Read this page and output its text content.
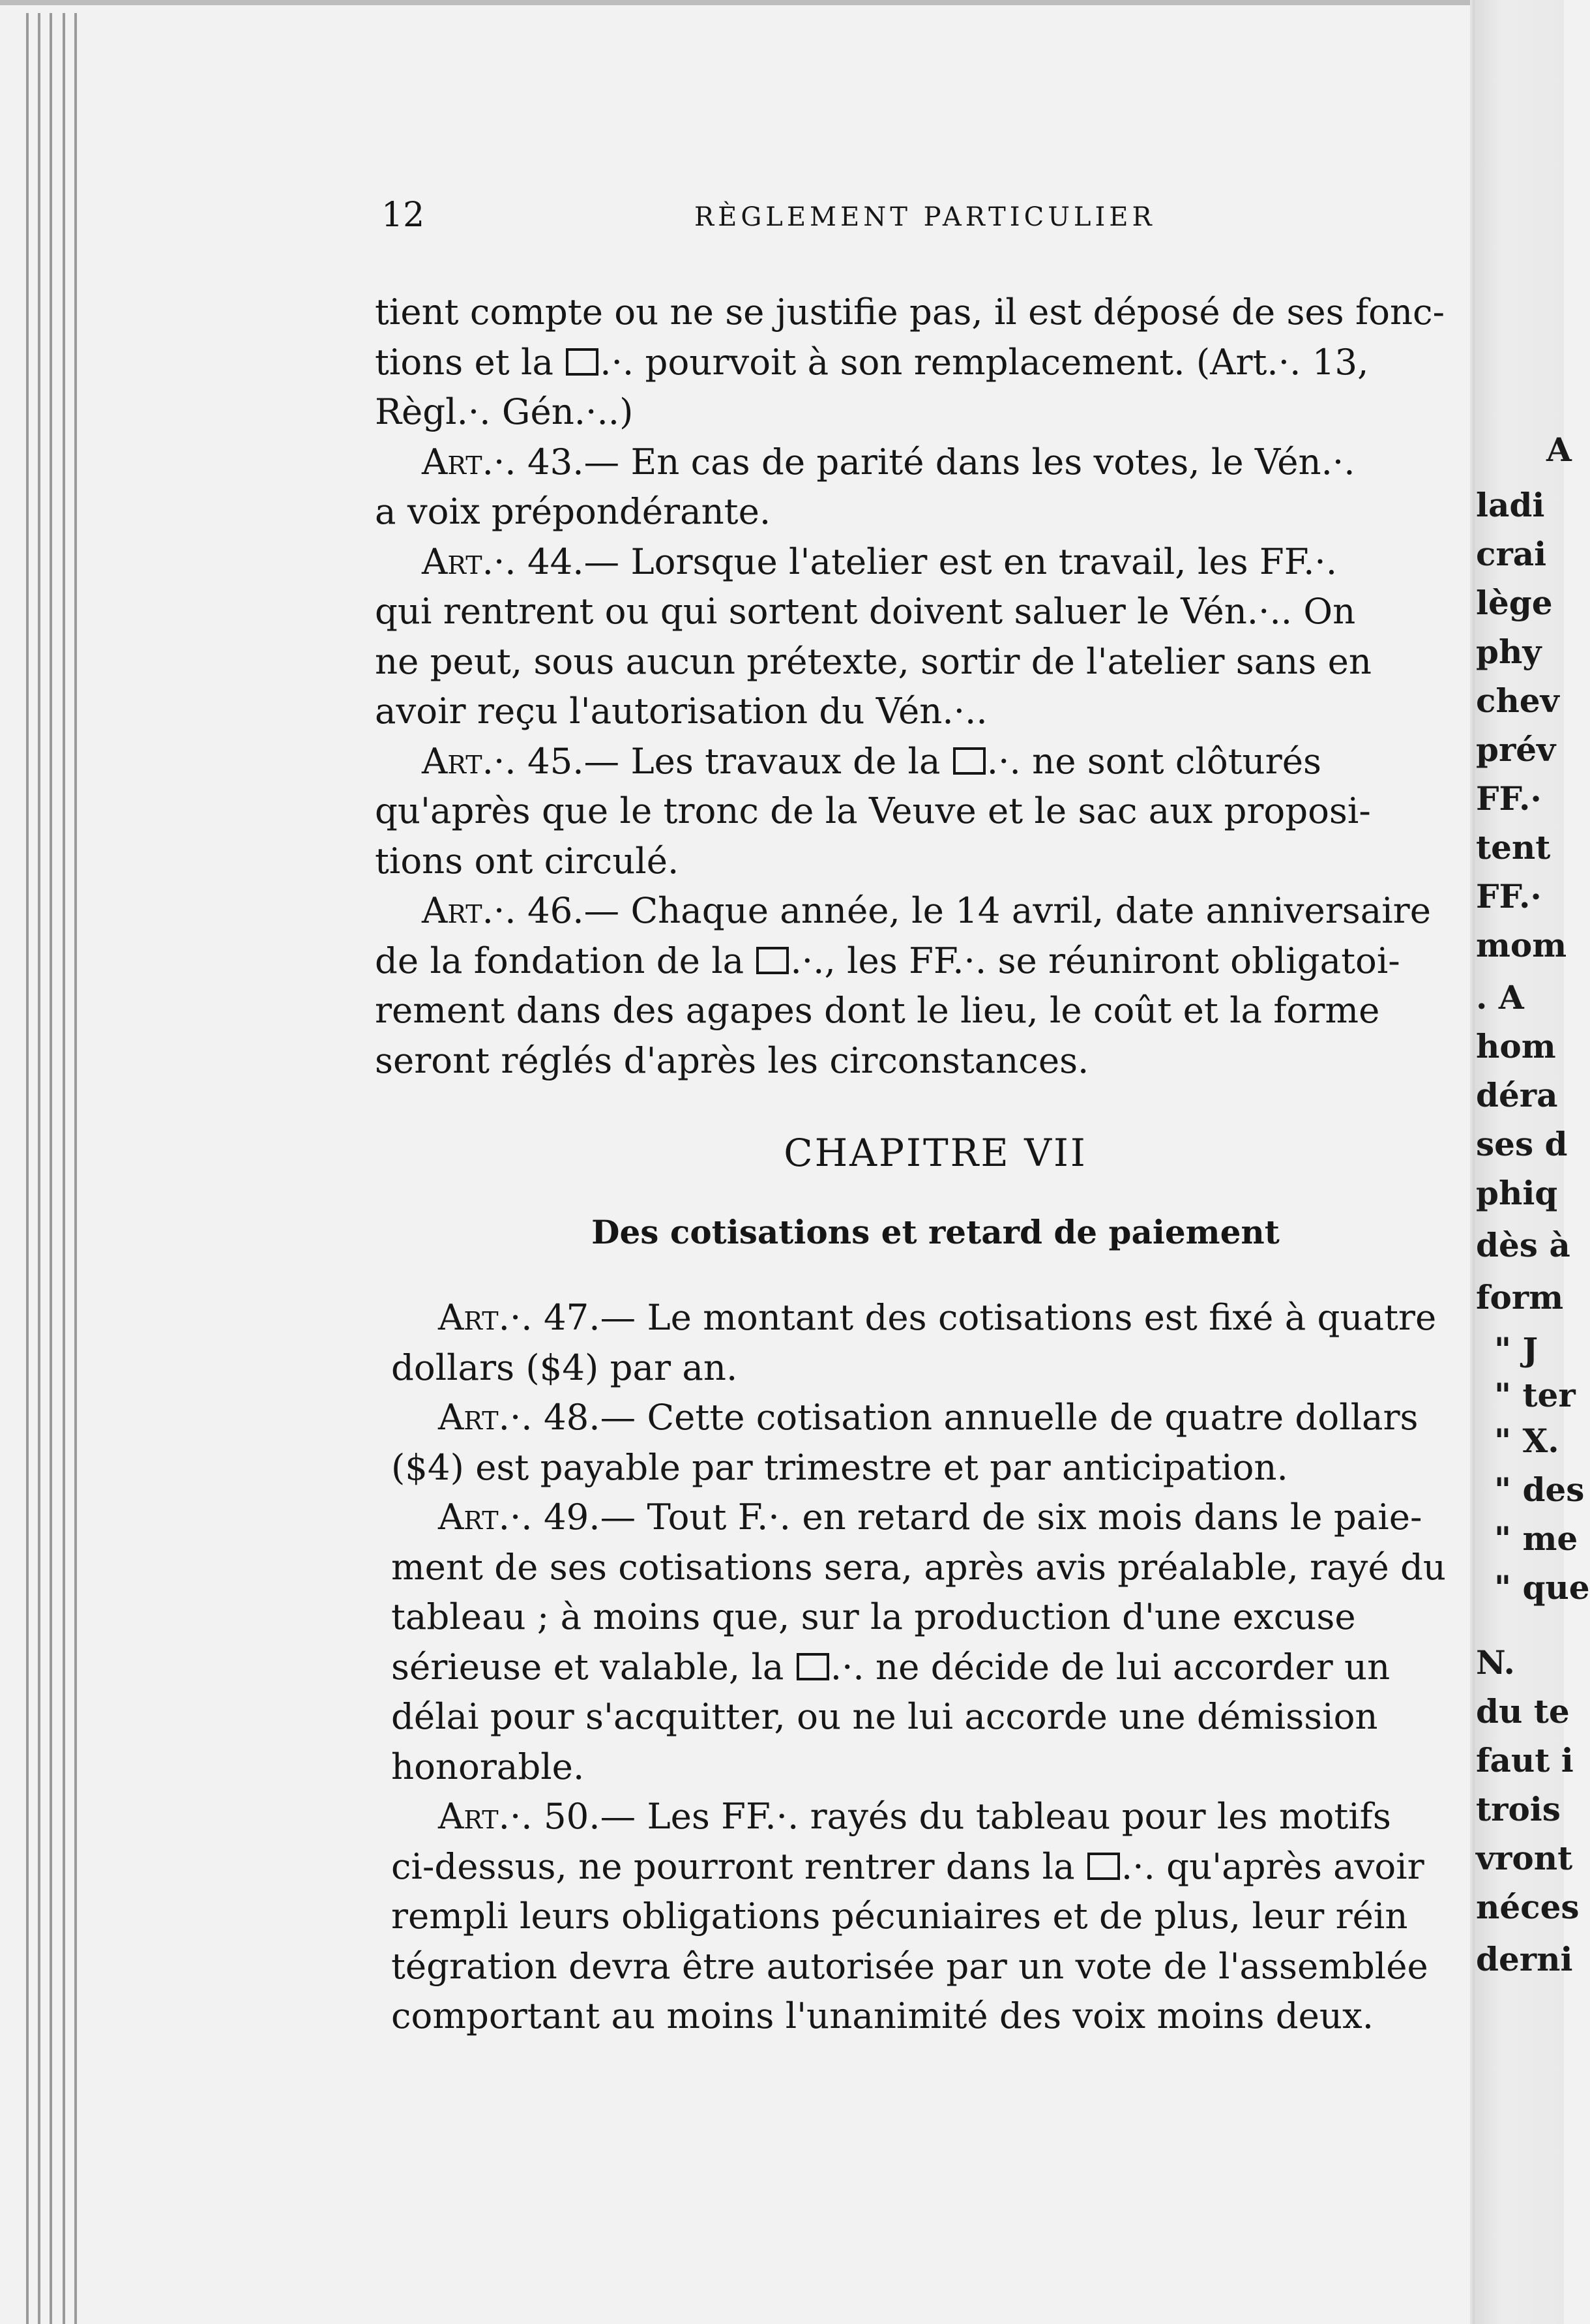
12	RÈGLEMENT PARTICULIER
tient compte ou ne se justifie pas, il est déposé de ses fonc-
tions et la .·. pourvoit à son remplacement. (Art.·. 13,
Règl.·. Gén.·..)
Art.·. 43.— En cas de parité dans les votes, le Vén.·.
a voix prépondérante.
Art.·. 44.— Lorsque l'atelier est en travail, les FF.·.
qui rentrent ou qui sortent doivent saluer le Vén.·.. On
ne peut, sous aucun prétexte, sortir de l'atelier sans en
avoir reçu l'autorisation du Vén.·..
Art.·. 45.— Les travaux de la .·. ne sont clôturés
qu'après que le tronc de la Veuve et le sac aux proposi-
tions ont circulé.
Art.·. 46.— Chaque année, le 14 avril, date anniversaire
de la fondation de la .·., les FF.·. se réuniront obligatoi-
rement dans des agapes dont le lieu, le coût et la forme
seront réglés d'après les circonstances.
CHAPITRE VII
Des cotisations et retard de paiement
Art.·. 47.— Le montant des cotisations est fixé à quatre
dollars ($4) par an.
Art.·. 48.— Cette cotisation annuelle de quatre dollars
($4) est payable par trimestre et par anticipation.
Art.·. 49.— Tout F.·. en retard de six mois dans le paie-
ment de ses cotisations sera, après avis préalable, rayé du
tableau ; à moins que, sur la production d'une excuse
sérieuse et valable, la .·. ne décide de lui accorder un
délai pour s'acquitter, ou ne lui accorde une démission
honorable.
Art.·. 50.— Les FF.·. rayés du tableau pour les motifs
ci-dessus, ne pourront rentrer dans la .·. qu'après avoir
rempli leurs obligations pécuniaires et de plus, leur réin
tégration devra être autorisée par un vote de l'assemblée
comportant au moins l'unanimité des voix moins deux.
A
ladi
crai
lège
phy
chev
prév
FF.·
tent
FF.·
mom
. A
hom
déra
ses d
phiq
dès à
form
" J
" ter
" X.
" des
" me
" que
N.
du te
faut i
trois
vront
néces
derni
